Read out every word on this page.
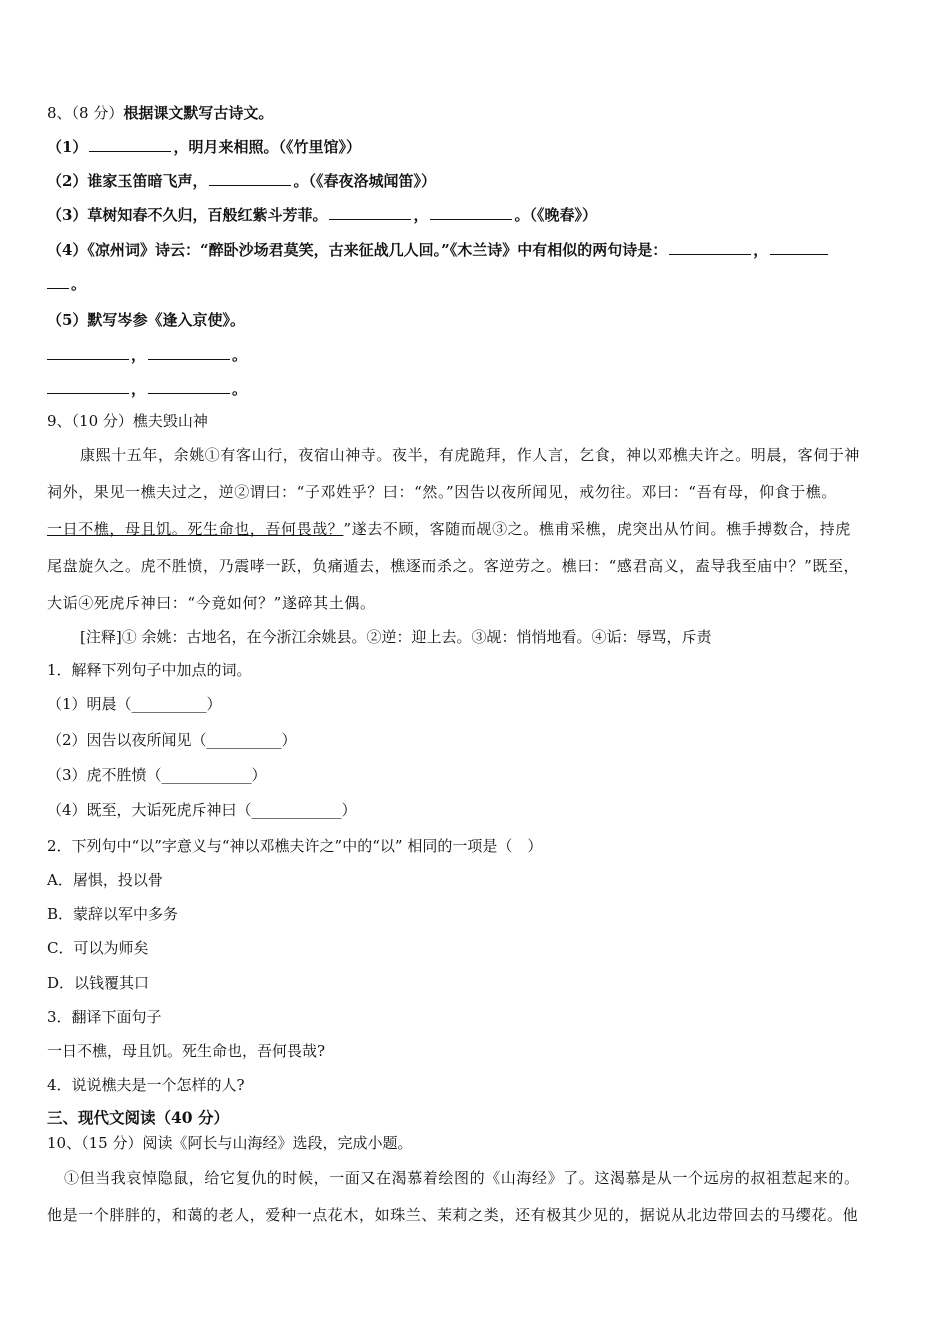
8、（8 分）根据课文默写古诗文。
（1）	，明月来相照。（《竹里馆》）
（2）谁家玉笛暗飞声，	。（《春夜洛城闻笛》）
（3）草树知春不久归，百般红紫斗芳菲。	，	。（《晚春》）
（4）《凉州词》诗云：“醉卧沙场君莫笑，古来征战几人回。”《木兰诗》中有相似的两句诗是：	，
。
（5）默写岑参《逢入京使》。
，	。
，	。
9、（10 分）樵夫毁山神
康熙十五年，余姚①有客山行，夜宿山神寺。夜半，有虎跪拜，作人言，乞食，神以邓樵夫许之。明晨，客伺于神
祠外，果见一樵夫过之，逆②谓曰：“子邓姓乎？曰：“然。”因告以夜所闻见，戒勿往。邓曰：“吾有母，仰食于樵。
一日不樵，母且饥。死生命也，吾何畏哉？”遂去不顾，客随而觇③之。樵甫采樵，虎突出从竹间。樵手搏数合，持虎
尾盘旋久之。虎不胜愤，乃震哮一跃，负痛遁去，樵逐而杀之。客逆劳之。樵曰：“感君高义，盍导我至庙中？”既至，
大诟④死虎斥神曰：“今竟如何？”遂碎其土偶。
[注释]① 余姚：古地名，在今浙江余姚县。②逆：迎上去。③觇：悄悄地看。④诟：辱骂，斥责
1．解释下列句子中加点的词。
（1）明晨（__________）
（2）因告以夜所闻见（__________）
（3）虎不胜愤（____________）
（4）既至，大诟死虎斥神曰（____________）
2．下列句中“以”字意义与“神以邓樵夫许之”中的“以” 相同的一项是（　）
A．屠惧，投以骨
B．蒙辞以军中多务
C．可以为师矣
D．以钱覆其口
3．翻译下面句子
一日不樵，母且饥。死生命也，吾何畏哉?
4．说说樵夫是一个怎样的人?
三、现代文阅读（40 分）
10、（15 分）阅读《阿长与山海经》选段，完成小题。
①但当我哀悼隐鼠，给它复仇的时候，一面又在渴慕着绘图的《山海经》了。这渴慕是从一个远房的叔祖惹起来的。
他是一个胖胖的，和蔼的老人，爱种一点花木，如珠兰、茉莉之类，还有极其少见的，据说从北边带回去的马缨花。他
